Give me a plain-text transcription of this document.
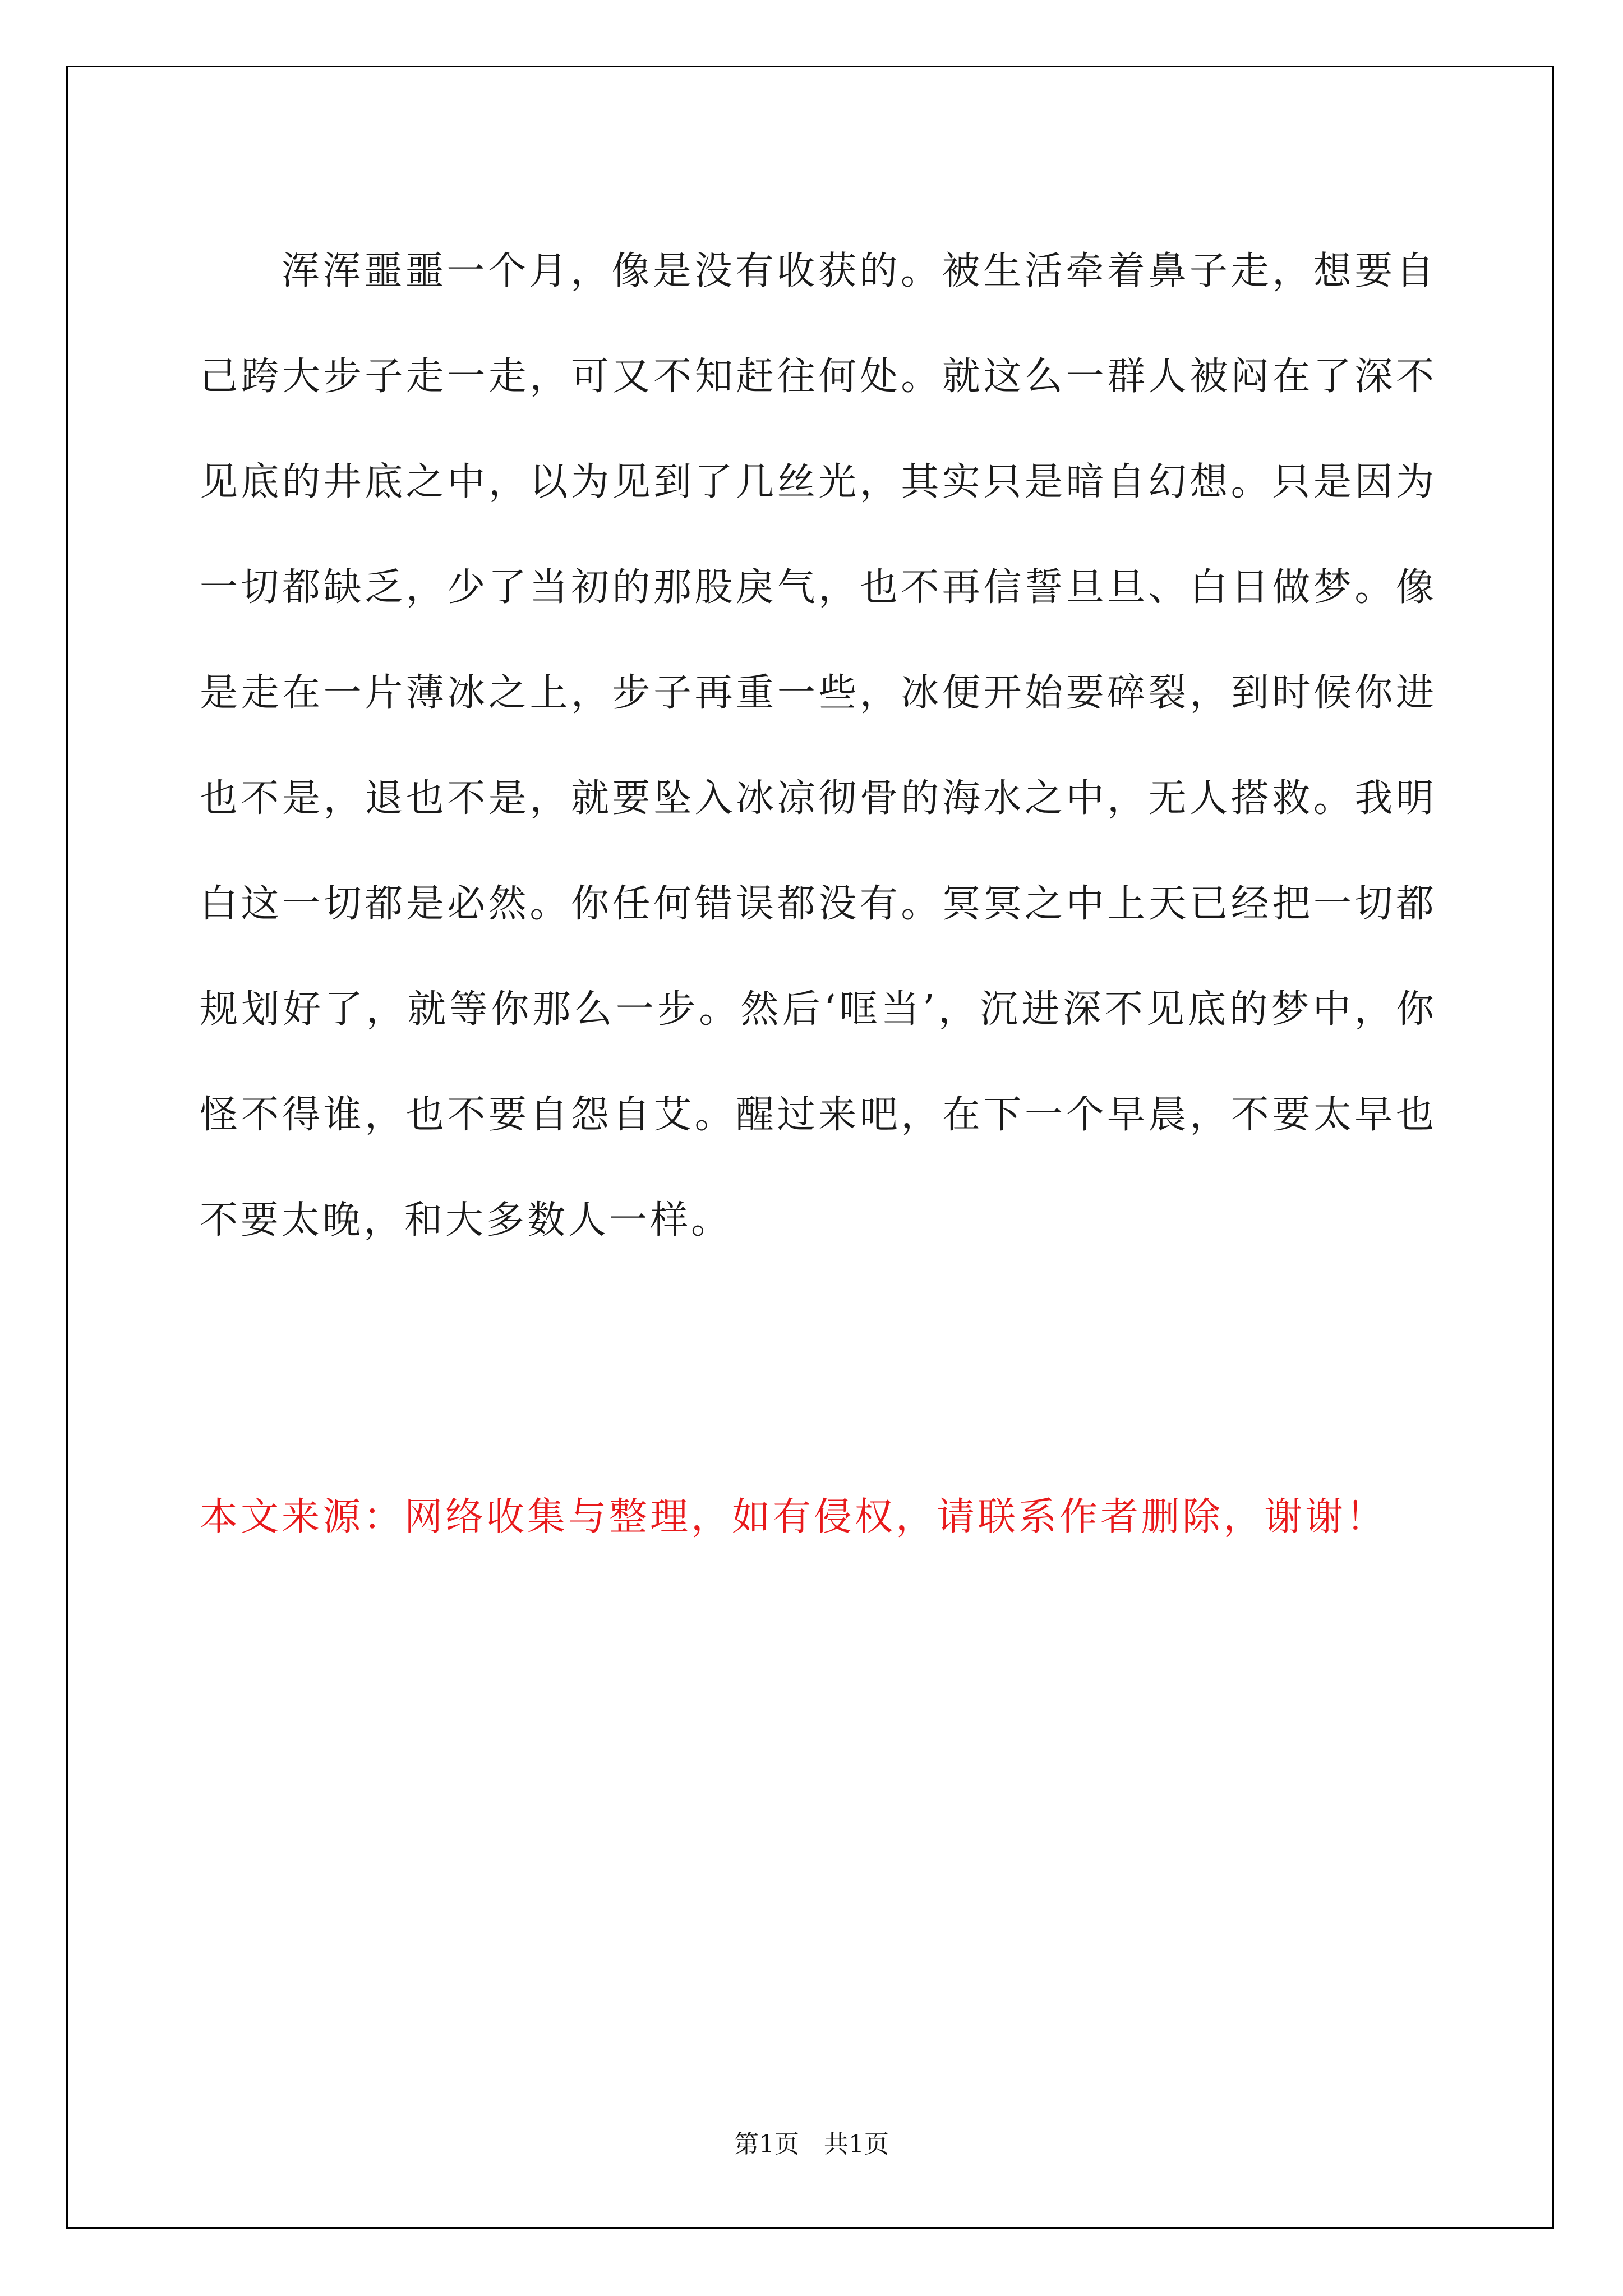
浑浑噩噩一个月，像是没有收获的。被生活牵着鼻子走，想要自己跨大步子走一走，可又不知赶往何处。就这么一群人被闷在了深不见底的井底之中，以为见到了几丝光，其实只是暗自幻想。只是因为一切都缺乏，少了当初的那股戾气，也不再信誓旦旦、白日做梦。像是走在一片薄冰之上，步子再重一些，冰便开始要碎裂，到时候你进也不是，退也不是，就要坠入冰凉彻骨的海水之中，无人搭救。我明白这一切都是必然。你任何错误都没有。冥冥之中上天已经把一切都规划好了，就等你那么一步。然后‘哐当’，沉进深不见底的梦中，你怪不得谁，也不要自怨自艾。醒过来吧，在下一个早晨，不要太早也不要太晚，和大多数人一样。

本文来源：网络收集与整理，如有侵权，请联系作者删除，谢谢！

第1页　共1页
